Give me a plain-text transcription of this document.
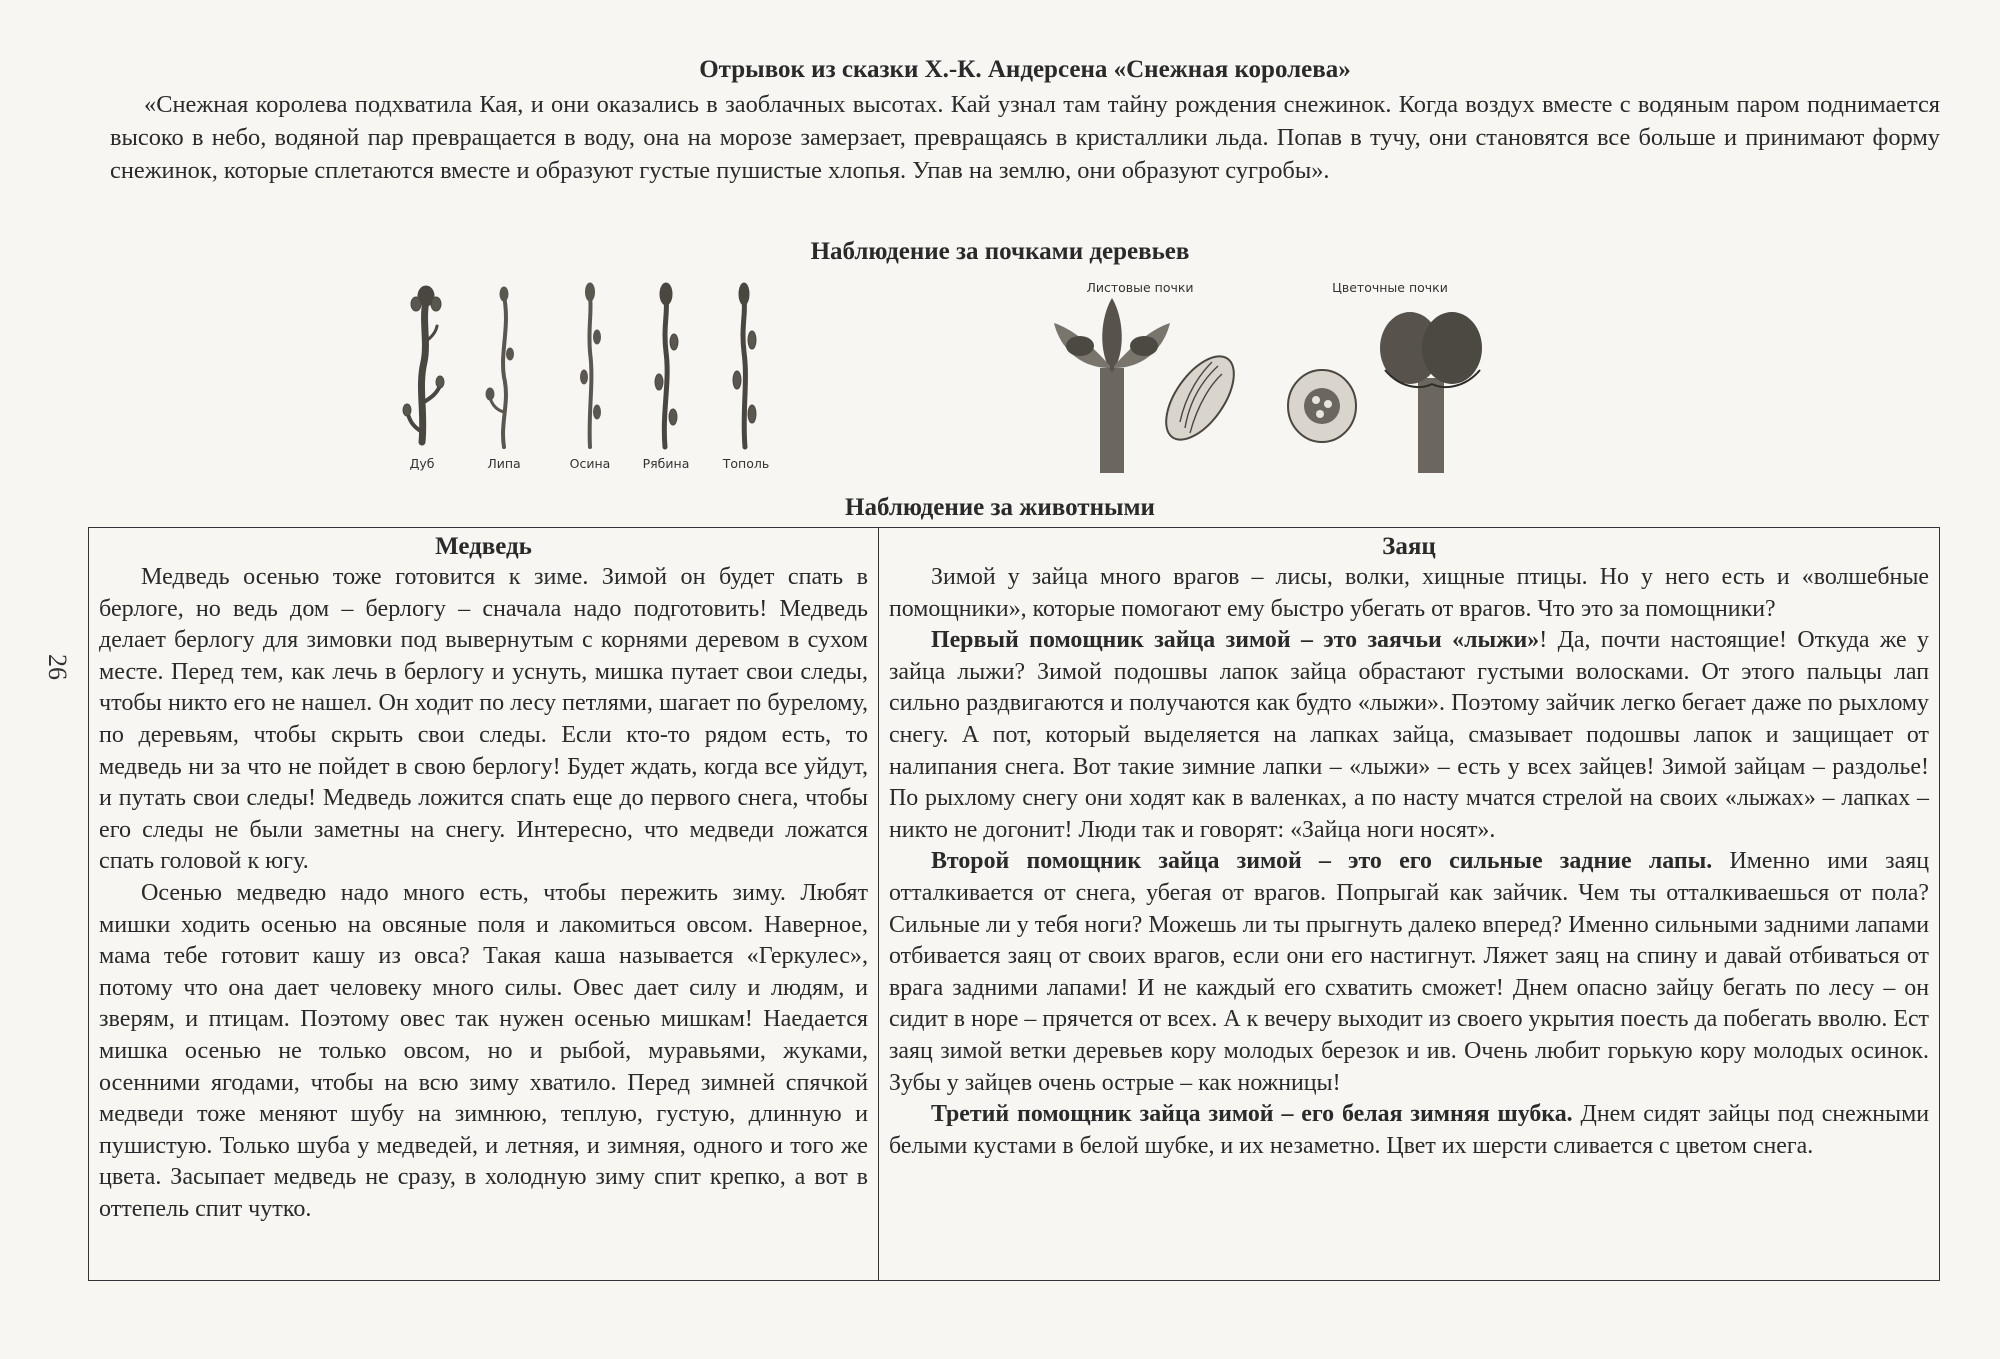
26
Отрывок из сказки Х.-К. Андерсена «Снежная королева»

«Снежная королева подхватила Кая, и они оказались в заоблачных высотах. Кай узнал там тайну рождения снежинок. Когда воздух вместе с водяным паром поднимается высоко в небо, водяной пар превращается в воду, она на морозе замерзает, превращаясь в кристаллики льда. Попав в тучу, они становятся все больше и принимают форму снежинок, которые сплетаются вместе и образуют густые пушистые хлопья. Упав на землю, они образуют сугробы».

Наблюдение за почками деревьев
Дуб	Липа	Осина	Рябина	Тополь
Листовые почки	Цветочные почки
Наблюдение за животными
Медведь

Медведь осенью тоже готовится к зиме. Зимой он будет спать в берлоге, но ведь дом – берлогу – сначала надо подготовить! Медведь делает берлогу для зимовки под вывернутым с корнями деревом в сухом месте. Перед тем, как лечь в берлогу и уснуть, мишка путает свои следы, чтобы никто его не нашел. Он ходит по лесу петлями, шагает по бурелому, по деревьям, чтобы скрыть свои следы. Если кто-то рядом есть, то медведь ни за что не пойдет в свою берлогу! Будет ждать, когда все уйдут, и путать свои следы! Медведь ложится спать еще до первого снега, чтобы его следы не были заметны на снегу. Интересно, что медведи ложатся спать головой к югу.

Осенью медведю надо много есть, чтобы пережить зиму. Любят мишки ходить осенью на овсяные поля и лакомиться овсом. Наверное, мама тебе готовит кашу из овса? Такая каша называется «Геркулес», потому что она дает человеку много силы. Овес дает силу и людям, и зверям, и птицам. Поэтому овес так нужен осенью мишкам! Наедается мишка осенью не только овсом, но и рыбой, муравьями, жуками, осенними ягодами, чтобы на всю зиму хватило. Перед зимней спячкой медведи тоже меняют шубу на зимнюю, теплую, густую, длинную и пушистую. Только шуба у медведей, и летняя, и зимняя, одного и того же цвета. Засыпает медведь не сразу, в холодную зиму спит крепко, а вот в оттепель спит чутко.

Заяц

Зимой у зайца много врагов – лисы, волки, хищные птицы. Но у него есть и «волшебные помощники», которые помогают ему быстро убегать от врагов. Что это за помощники?

Первый помощник зайца зимой – это заячьи «лыжи»! Да, почти настоящие! Откуда же у зайца лыжи? Зимой подошвы лапок зайца обрастают густыми волосками. От этого пальцы лап сильно раздвигаются и получаются как будто «лыжи». Поэтому зайчик легко бегает даже по рыхлому снегу. А пот, который выделяется на лапках зайца, смазывает подошвы лапок и защищает от налипания снега. Вот такие зимние лапки – «лыжи» – есть у всех зайцев! Зимой зайцам – раздолье! По рыхлому снегу они ходят как в валенках, а по насту мчатся стрелой на своих «лыжах» – лапках – никто не догонит! Люди так и говорят: «Зайца ноги носят».

Второй помощник зайца зимой – это его сильные задние лапы. Именно ими заяц отталкивается от снега, убегая от врагов. Попрыгай как зайчик. Чем ты отталкиваешься от пола? Сильные ли у тебя ноги? Можешь ли ты прыгнуть далеко вперед? Именно сильными задними лапами отбивается заяц от своих врагов, если они его настигнут. Ляжет заяц на спину и давай отбиваться от врага задними лапами! И не каждый его схватить сможет! Днем опасно зайцу бегать по лесу – он сидит в норе – прячется от всех. А к вечеру выходит из своего укрытия поесть да побегать вволю. Ест заяц зимой ветки деревьев кору молодых березок и ив. Очень любит горькую кору молодых осинок. Зубы у зайцев очень острые – как ножницы!

Третий помощник зайца зимой – его белая зимняя шубка. Днем сидят зайцы под снежными белыми кустами в белой шубке, и их незаметно. Цвет их шерсти сливается с цветом снега.
